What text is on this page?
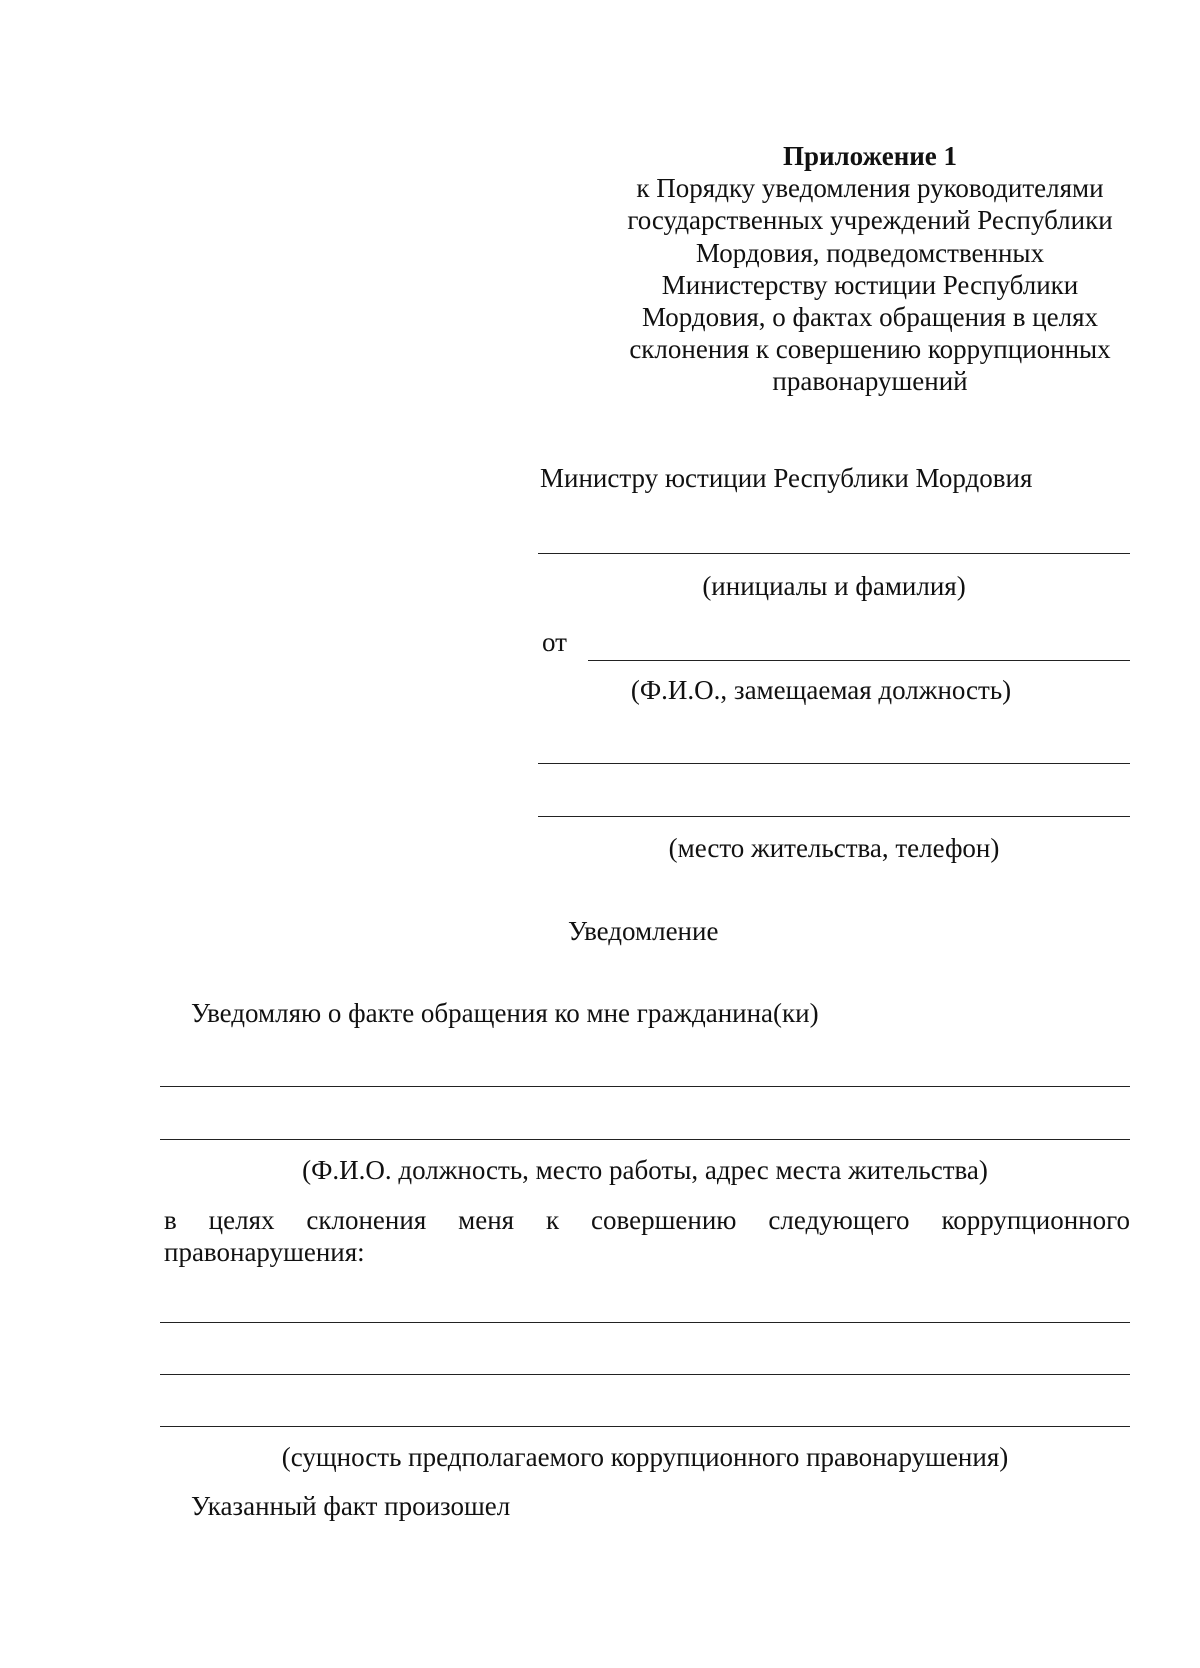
Приложение 1
к Порядку уведомления руководителями
государственных учреждений Республики
Мордовия, подведомственных
Министерству юстиции Республики
Мордовия, о фактах обращения в целях
склонения к совершению коррупционных
правонарушений
Министру юстиции Республики Мордовия
(инициалы и фамилия)
от
(Ф.И.О., замещаемая должность)
(место жительства, телефон)
Уведомление
Уведомляю о факте обращения ко мне гражданина(ки)
(Ф.И.О. должность, место работы, адрес места жительства)
в целях склонения меня к совершению следующего коррупционного
правонарушения:
(сущность предполагаемого коррупционного правонарушения)
Указанный факт произошел
